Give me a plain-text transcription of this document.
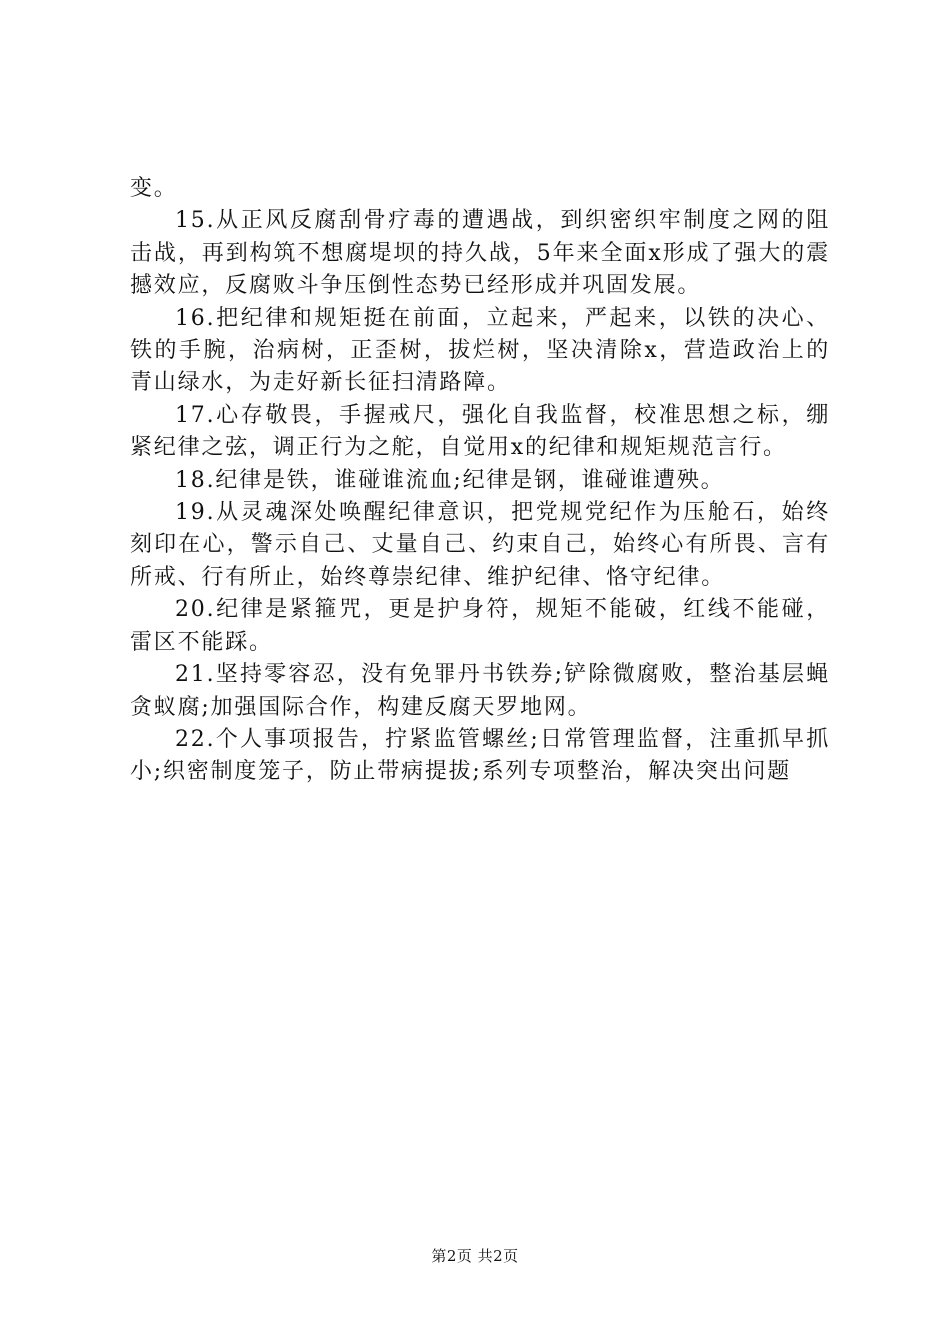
变。

15.从正风反腐刮骨疗毒的遭遇战，到织密织牢制度之网的阻击战，再到构筑不想腐堤坝的持久战，5年来全面x形成了强大的震撼效应，反腐败斗争压倒性态势已经形成并巩固发展。

16.把纪律和规矩挺在前面，立起来，严起来，以铁的决心、铁的手腕，治病树，正歪树，拔烂树，坚决清除x，营造政治上的青山绿水，为走好新长征扫清路障。

17.心存敬畏，手握戒尺，强化自我监督，校准思想之标，绷紧纪律之弦，调正行为之舵，自觉用x的纪律和规矩规范言行。

18.纪律是铁，谁碰谁流血;纪律是钢，谁碰谁遭殃。

19.从灵魂深处唤醒纪律意识，把党规党纪作为压舱石，始终刻印在心，警示自己、丈量自己、约束自己，始终心有所畏、言有所戒、行有所止，始终尊崇纪律、维护纪律、恪守纪律。

20.纪律是紧箍咒，更是护身符，规矩不能破，红线不能碰，雷区不能踩。

21.坚持零容忍，没有免罪丹书铁券;铲除微腐败，整治基层蝇贪蚁腐;加强国际合作，构建反腐天罗地网。

22.个人事项报告，拧紧监管螺丝;日常管理监督，注重抓早抓小;织密制度笼子，防止带病提拔;系列专项整治，解决突出问题

第2页 共2页
